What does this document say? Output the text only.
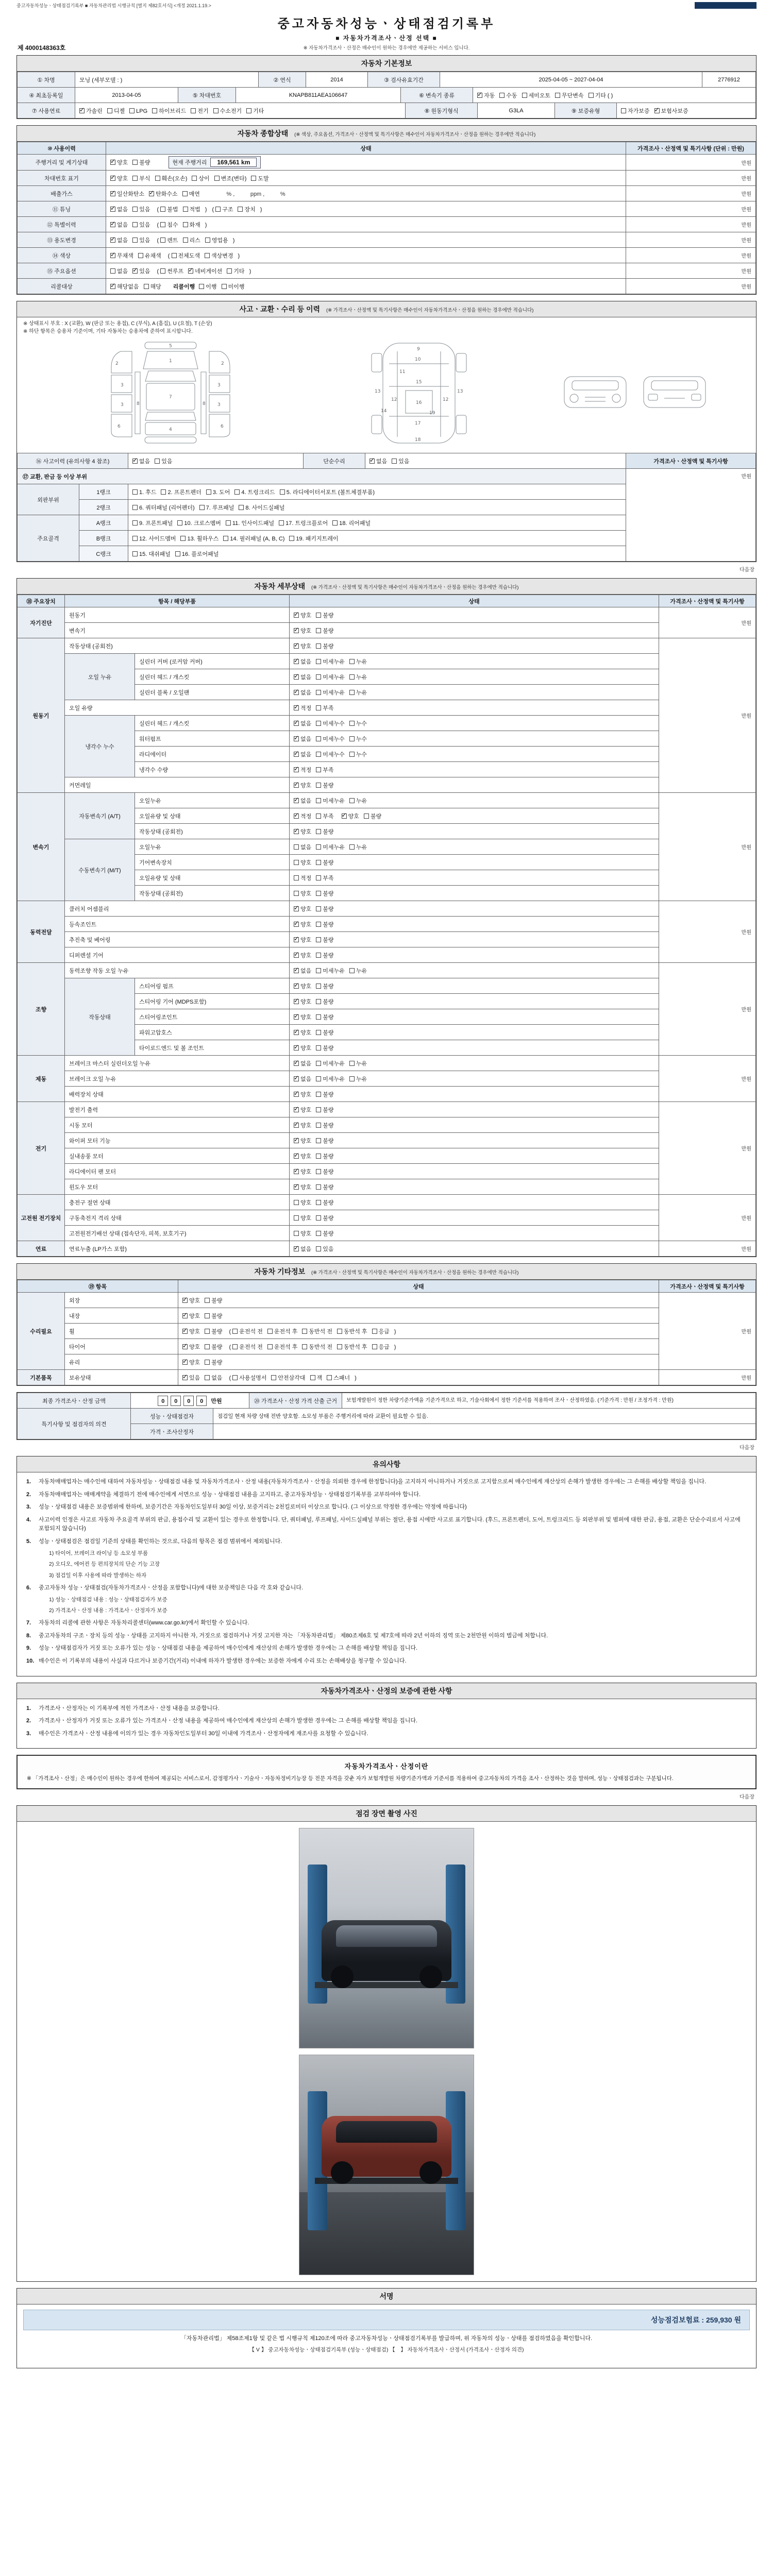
중고자동차성능ㆍ상태점검기록부 ■ 자동차관리법 시행규칙 [별지 제82호서식] <개정 2021.1.19.>
중고자동차성능ㆍ상태점검기록부
■ 자동차가격조사ㆍ산정 선택 ■
※ 자동차가격조사ㆍ산정은 매수인이 원하는 경우에만 제공하는 서비스 입니다.
제 4000148363호
자동차 기본정보
① 차명	모닝 (세부모델 : )	② 연식	2014	③ 검사유효기간	2025-04-05 ~ 2027-04-04	2776912
④ 최초등록일	2013-04-05	⑤ 차대번호	KNAPB811AEA106647	⑥ 변속기 종류	✓자동 수동 세미오토 무단변속 기타 ( )
⑦ 사용연료	✓가솔린 디젤 LPG 하이브리드 전기 수소전기 기타	⑧ 원동기형식	G3LA	⑨ 보증유형	자가보증 ✓ 보험사보증
자동차 종합상태 (※ 색상, 주요옵션, 가격조사ㆍ산정액 및 특기사항은 매수인이 자동차가격조사ㆍ산정을 원하는 경우에만 적습니다)
⑩ 사용이력	상태	가격조사ㆍ산정액 및 특기사항 (단위 : 만원)
주행거리 및 계기상태	✓양호 불량 현재 주행거리 169,561 km	만원
차대번호 표기	✓양호 부식 훼손(오손) 상이 변조(변타) 도말	만원
배출가스	✓일산화탄소 ✓ 탄화수소 매연        % ,          ppm ,          %	만원
⑪ 튜닝	✓없음 있음 ( 불법 적법 ) ( 구조 장치 )	만원
⑫ 특별이력	✓없음 있음 ( 침수 화재 )	만원
⑬ 용도변경	✓없음 있음 ( 렌트 리스 영업용 )	만원
⑭ 색상	✓무채색 유채색 ( 전체도색 색상변경 )	만원
⑮ 주요옵션	없음 ✓ 있음 ( 썬루프 ✓ 네비게이션 기타 )	만원
리콜대상	✓해당없음 해당 리콜이행 이행 미이행	만원
사고ㆍ교환ㆍ수리 등 이력 (※ 가격조사ㆍ산정액 및 특기사항은 매수인이 자동차가격조사ㆍ산정을 원하는 경우에만 적습니다)
※ 상태표시 부호 : X (교환), W (판금 또는 용접), C (부식), A (흠집), U (요철), T (손상)
※ 하단 항목은 승용차 기준이며, 기타 자동차는 승용차에 준하여 표시합니다.
1
2
3
3
7
4
6
2
3
3
6
8	8
5
9
10
11
12	12
13	13
15
16
17
18
19
14

⑯ 사고이력 (유의사항 4 참조)	✓없음 있음	단순수리	✓없음 있음	가격조사ㆍ산정액 및 특기사항
⑰ 교환, 판금 등 이상 부위					만원
외판부위	1랭크	1. 후드 2. 프론트펜더 3. 도어 4. 트렁크리드 5. 라디에이터서포트 (볼트체결부품)			
	2랭크	6. 쿼터패널 (리어펜더) 7. 루프패널 8. 사이드실패널			
주요골격	A랭크	9. 프론트패널 10. 크로스멤버 11. 인사이드패널 17. 트렁크플로어 18. 리어패널			
	B랭크	12. 사이드멤버 13. 휠하우스 14. 필러패널 (A, B, C) 19. 패키지트레이			
	C랭크	15. 대쉬패널 16. 플로어패널			
다음장
자동차 세부상태 (※ 가격조사ㆍ산정액 및 특기사항은 매수인이 자동차가격조사ㆍ산정을 원하는 경우에만 적습니다)
⑱ 주요장치	항목 / 해당부품		상태	가격조사ㆍ산정액 및 특기사항
자기진단	원동기	✓양호 불량	만원
	변속기	✓양호 불량
원동기	작동상태 (공회전)	✓양호 불량	만원
	오일 누유	실린더 커버 (로커암 커버)	✓없음 미세누유 누유
		실린더 헤드 / 개스킷	✓없음 미세누유 누유
		실린더 블록 / 오일팬	✓없음 미세누유 누유
	오일 유량	✓적정 부족
	냉각수 누수	실린더 헤드 / 개스킷	✓없음 미세누수 누수
		워터펌프	✓없음 미세누수 누수
		라디에이터	✓없음 미세누수 누수
		냉각수 수량	✓적정 부족
	커먼레일	✓양호 불량
변속기	자동변속기 (A/T)	오일누유	✓없음 미세누유 누유	만원
		오일유량 및 상태	✓적정 부족 ✓ 양호 불량
		작동상태 (공회전)	✓양호 불량
	수동변속기 (M/T)	오일누유	없음 미세누유 누유	
		기어변속장치	양호 불량	
		오일유량 및 상태	적정 부족	
		작동상태 (공회전)	양호 불량	
동력전달	클러치 어셈블리	✓양호 불량	만원
	등속조인트	✓양호 불량
	추진축 및 베어링	✓양호 불량
	디퍼렌셜 기어	✓양호 불량
조향	동력조향 작동 오일 누유	✓없음 미세누유 누유	만원
	작동상태	스티어링 펌프	✓양호 불량
		스티어링 기어 (MDPS포함)	✓양호 불량
		스티어링조인트	✓양호 불량
		파워고압호스	✓양호 불량
		타이로드엔드 및 볼 조인트	✓양호 불량
제동	브레이크 마스터 실린더오일 누유	✓없음 미세누유 누유	만원
	브레이크 오일 누유	✓없음 미세누유 누유
	배력장치 상태	✓양호 불량
전기	발전기 출력	✓양호 불량	만원
	시동 모터	✓양호 불량
	와이퍼 모터 기능	✓양호 불량
	실내송풍 모터	✓양호 불량
	라디에이터 팬 모터	✓양호 불량
	윈도우 모터	✓양호 불량
고전원 전기장치	충전구 절연 상태		양호 불량	만원
	구동축전지 격리 상태		양호 불량	
	고전원전기배선 상태 (접속단자, 피복, 보호기구)		양호 불량	
연료	연료누출 (LP가스 포함)	✓없음 있음	만원
자동차 기타정보 (※ 가격조사ㆍ산정액 및 특기사항은 매수인이 자동차가격조사ㆍ산정을 원하는 경우에만 적습니다)
⑲ 항목		상태	가격조사ㆍ산정액 및 특기사항
수리필요	외장	✓양호 불량	만원
	내장	✓양호 불량
	휠	✓양호 불량 ( 운전석 전 운전석 후 동반석 전 동반석 후 응급 )
	타이어	✓양호 불량 ( 운전석 전 운전석 후 동반석 전 동반석 후 응급 )
	유리	✓양호 불량
기본품목	보유상태	✓있음 없음 ( 사용설명서 안전삼각대 잭 스패너 )	만원
최종 가격조사ㆍ산정 금액	0 0 0 0 만원	⑳ 가격조사ㆍ산정 가격 산출 근거	보험개발원이 정한 차량기준가액을 기준가격으로 하고, 기술사회에서 정한 기준서를 적용하여 조사ㆍ산정하였음. (기준가격 : 만원 / 조정가격 : 만원)
특기사항 및 점검자의 의견	성능ㆍ상태점검자	점검일 현재 차량 상태 전반 양호함. 소모성 부품은 주행거리에 따라 교환이 필요할 수 있음.
	가격ㆍ조사산정자	
다음장
유의사항
1.	자동차매매업자는 매수인에 대하여 자동차성능ㆍ상태점검 내용 및 자동차가격조사ㆍ산정 내용(자동차가격조사ㆍ산정을 의뢰한 경우에 한정합니다)을 고지하지 아니하거나 거짓으로 고지함으로써 매수인에게 재산상의 손해가 발생한 경우에는 그 손해를 배상할 책임을 집니다.
2.	자동차매매업자는 매매계약을 체결하기 전에 매수인에게 서면으로 성능ㆍ상태점검 내용을 고지하고, 중고자동차성능ㆍ상태점검기록부를 교부하여야 합니다.
3.	성능ㆍ상태점검 내용은 보증범위에 한하며, 보증기간은 자동차인도일부터 30일 이상, 보증거리는 2천킬로미터 이상으로 합니다. (그 이상으로 약정한 경우에는 약정에 따릅니다)
4.	사고이력 인정은 사고로 자동차 주요골격 부위의 판금, 용접수리 및 교환이 있는 경우로 한정합니다. 단, 쿼터패널, 루프패널, 사이드실패널 부위는 절단, 용접 시에만 사고로 표기합니다. (후드, 프론트펜더, 도어, 트렁크리드 등 외판부위 및 범퍼에 대한 판금, 용접, 교환은 단순수리로서 사고에 포함되지 않습니다)
5.	성능ㆍ상태점검은 점검일 기준의 상태를 확인하는 것으로, 다음의 항목은 점검 범위에서 제외됩니다.
1) 타이어, 브레이크 라이닝 등 소모성 부품
2) 오디오, 에어컨 등 편의장치의 단순 기능 고장
3) 점검일 이후 사용에 따라 발생하는 하자
6.	중고자동차 성능ㆍ상태점검(자동차가격조사ㆍ산정을 포함합니다)에 대한 보증책임은 다음 각 호와 같습니다.
1) 성능ㆍ상태점검 내용 : 성능ㆍ상태점검자가 보증
2) 가격조사ㆍ산정 내용 : 가격조사ㆍ산정자가 보증
7.	자동차의 리콜에 관한 사항은 자동차리콜센터(www.car.go.kr)에서 확인할 수 있습니다.
8.	중고자동차의 구조ㆍ장치 등의 성능ㆍ상태를 고지하지 아니한 자, 거짓으로 점검하거나 거짓 고지한 자는 「자동차관리법」 제80조제6호 및 제7호에 따라 2년 이하의 징역 또는 2천만원 이하의 벌금에 처합니다.
9.	성능ㆍ상태점검자가 거짓 또는 오류가 있는 성능ㆍ상태점검 내용을 제공하여 매수인에게 재산상의 손해가 발생한 경우에는 그 손해를 배상할 책임을 집니다.
10. 매수인은 이 기록부의 내용이 사실과 다르거나 보증기간(거리) 이내에 하자가 발생한 경우에는 보증한 자에게 수리 또는 손해배상을 청구할 수 있습니다.
자동차가격조사ㆍ산정의 보증에 관한 사항
1.	가격조사ㆍ산정자는 이 기록부에 적힌 가격조사ㆍ산정 내용을 보증합니다.
2.	가격조사ㆍ산정자가 거짓 또는 오류가 있는 가격조사ㆍ산정 내용을 제공하여 매수인에게 재산상의 손해가 발생한 경우에는 그 손해를 배상할 책임을 집니다.
3.	매수인은 가격조사ㆍ산정 내용에 이의가 있는 경우 자동차인도일부터 30일 이내에 가격조사ㆍ산정자에게 재조사를 요청할 수 있습니다.
자동차가격조사ㆍ산정이란
※ 「가격조사ㆍ산정」은 매수인이 원하는 경우에 한하여 제공되는 서비스로서, 감정평가사ㆍ기술사ㆍ자동차정비기능장 등 전문 자격을 갖춘 자가 보험개발원 차량기준가액과 기준서를 적용하여 중고자동차의 가격을 조사ㆍ산정하는 것을 말하며, 성능ㆍ상태점검과는 구분됩니다.
다음장
점검 장면 촬영 사진
서명
성능점검보험료 : 259,930 원
「자동차관리법」 제58조제1항 및 같은 법 시행규칙 제120조에 따라 중고자동차성능ㆍ상태점검기록부를 발급하며, 위 자동차의 성능ㆍ상태를 점검하였음을 확인합니다.
【 V 】 중고자동차성능ㆍ상태점검기록부 (성능ㆍ상태점검) 【　】 자동차가격조사ㆍ산정서 (가격조사ㆍ산정자 의견)
